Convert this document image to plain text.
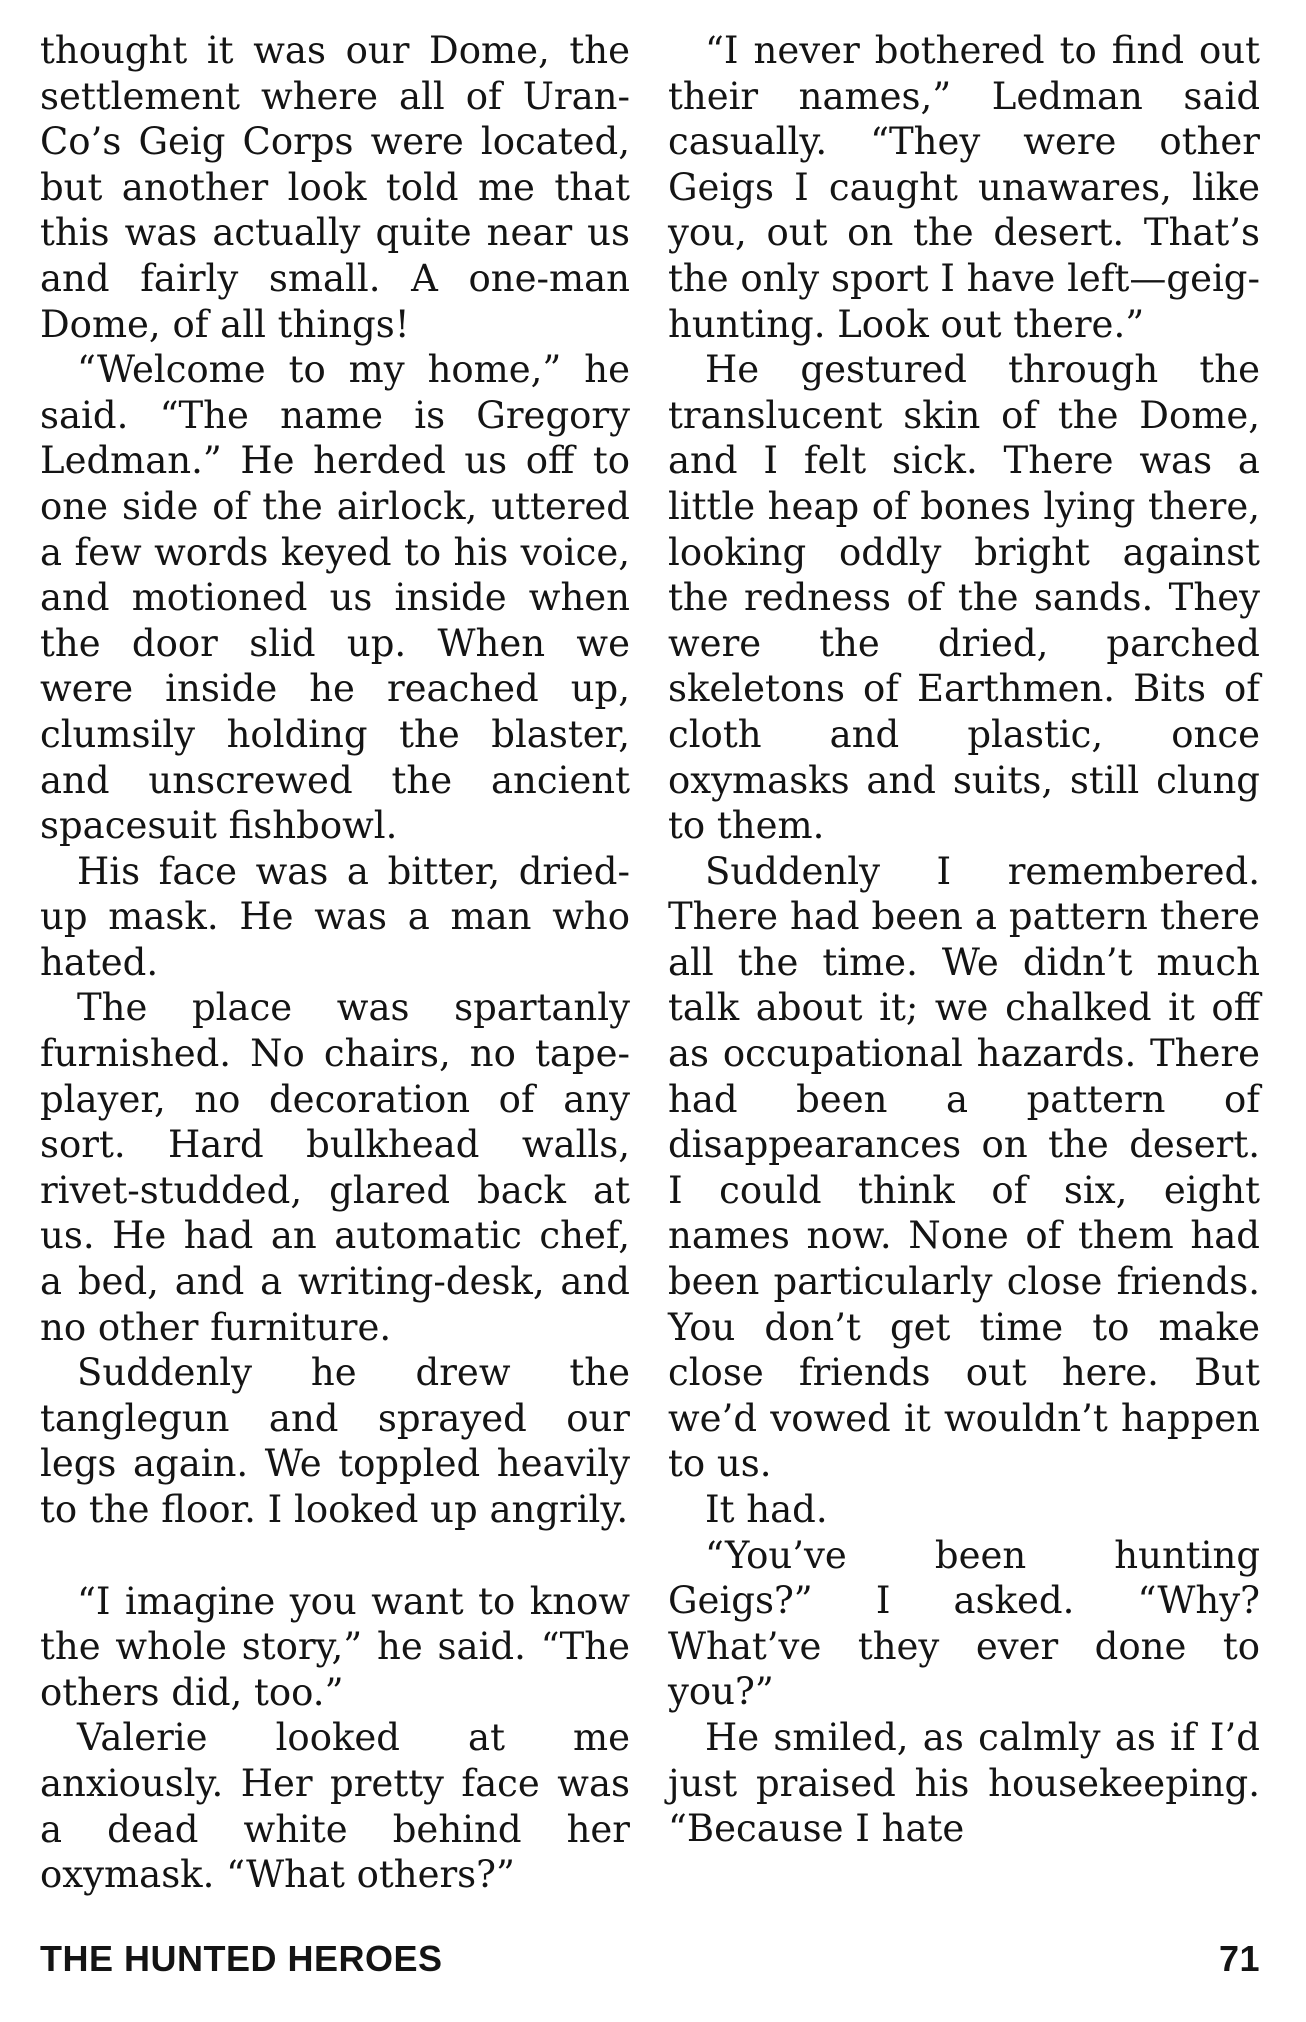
thought it was our Dome, the settlement where all of Uran-Co’s Geig Corps were located, but another look told me that this was actually quite near us and fairly small. A one-man Dome, of all things!

“Welcome to my home,” he said. “The name is Gregory Ledman.” He herded us off to one side of the airlock, uttered a few words keyed to his voice, and motioned us inside when the door slid up. When we were inside he reached up, clumsily holding the blaster, and unscrewed the ancient spacesuit fishbowl.

His face was a bitter, dried-up mask. He was a man who hated.

The place was spartanly furnished. No chairs, no tape-player, no decoration of any sort. Hard bulkhead walls, rivet-studded, glared back at us. He had an automatic chef, a bed, and a writing-desk, and no other furniture.

Suddenly he drew the tanglegun and sprayed our legs again. We toppled heavily to the floor. I looked up angrily.

“I imagine you want to know the whole story,” he said. “The others did, too.”

Valerie looked at me anxiously. Her pretty face was a dead white behind her oxymask. “What others?”

“I never bothered to find out their names,” Ledman said casually. “They were other Geigs I caught unawares, like you, out on the desert. That’s the only sport I have left—geig-hunting. Look out there.”

He gestured through the translucent skin of the Dome, and I felt sick. There was a little heap of bones lying there, looking oddly bright against the redness of the sands. They were the dried, parched skeletons of Earthmen. Bits of cloth and plastic, once oxymasks and suits, still clung to them.

Suddenly I remembered. There had been a pattern there all the time. We didn’t much talk about it; we chalked it off as occupational hazards. There had been a pattern of disappearances on the desert. I could think of six, eight names now. None of them had been particularly close friends. You don’t get time to make close friends out here. But we’d vowed it wouldn’t happen to us.

It had.

“You’ve been hunting Geigs?” I asked. “Why? What’ve they ever done to you?”

He smiled, as calmly as if I’d just praised his housekeeping. “Because I hate

THE HUNTED HEROES	71
